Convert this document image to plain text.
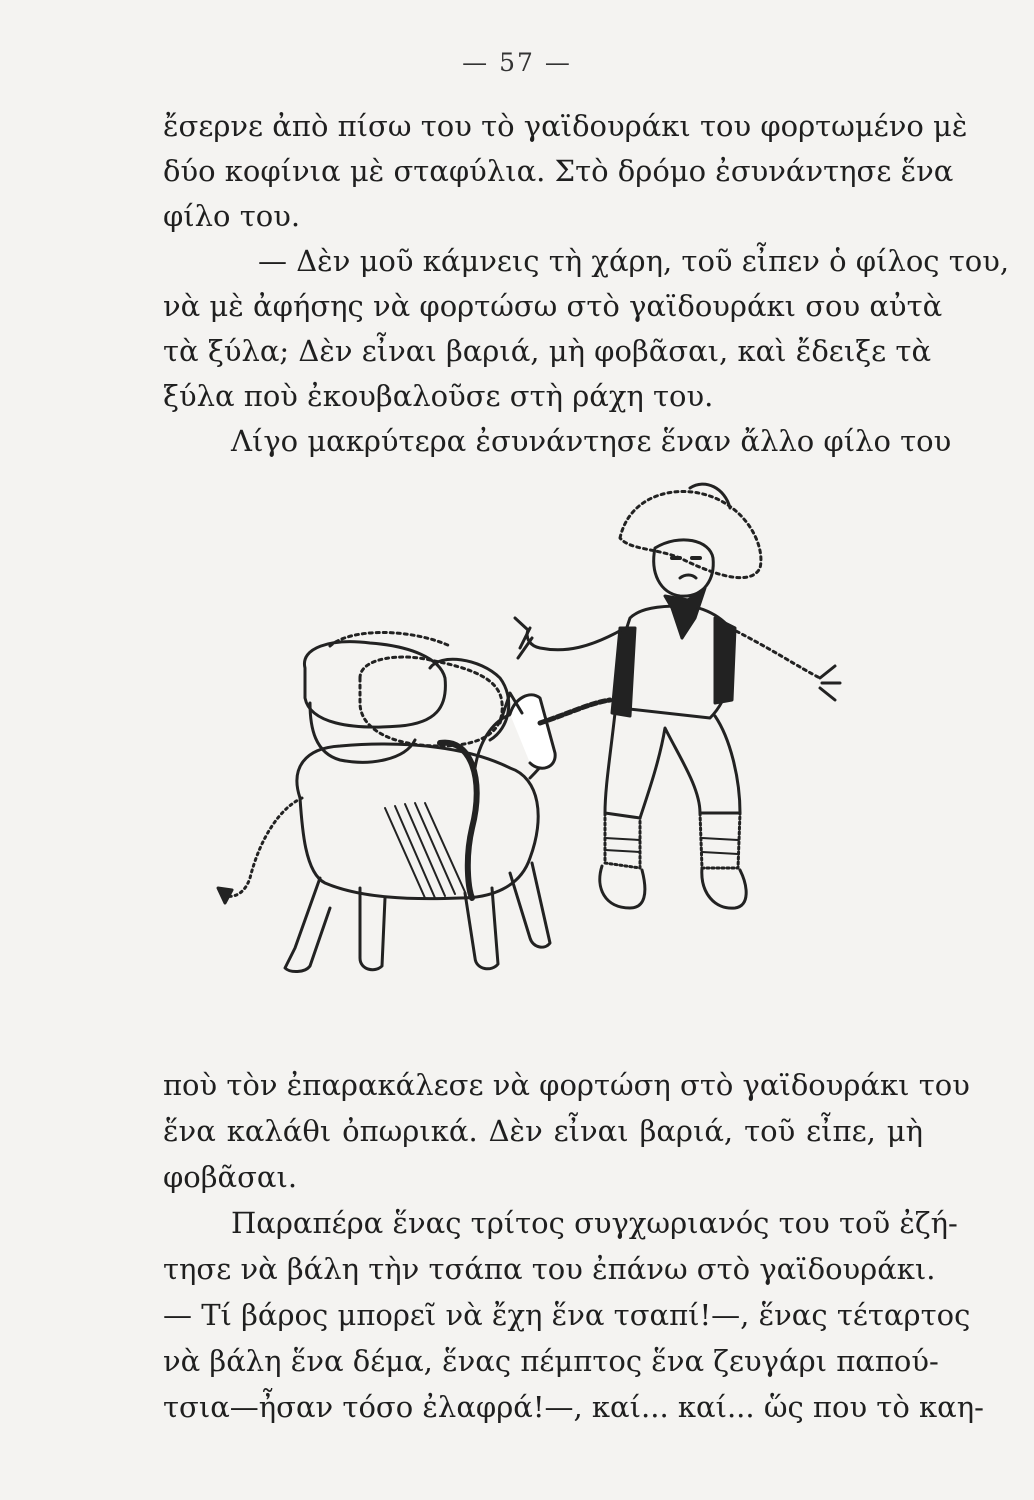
— 57 —
ἔσερνε ἀπὸ πίσω του τὸ γαϊδουράκι του φορτωμένο μὲ
δύο κοφίνια μὲ σταφύλια. Στὸ δρόμο ἐσυνάντησε ἕνα
φίλο του.
— Δὲν μοῦ κάμνεις τὴ χάρη, τοῦ εἶπεν ὁ φίλος του,
νὰ μὲ ἀφήσης νὰ φορτώσω στὸ γαϊδουράκι σου αὐτὰ
τὰ ξύλα; Δὲν εἶναι βαριά, μὴ φοβᾶσαι, καὶ ἔδειξε τὰ
ξύλα ποὺ ἐκουβαλοῦσε στὴ ράχη του.
Λίγο μακρύτερα ἐσυνάντησε ἕναν ἄλλο φίλο του
ποὺ τὸν ἐπαρακάλεσε νὰ φορτώση στὸ γαϊδουράκι του
ἕνα καλάθι ὀπωρικά. Δὲν εἶναι βαριά, τοῦ εἶπε, μὴ
φοβᾶσαι.
Παραπέρα ἕνας τρίτος συγχωριανός του τοῦ ἐζή-
τησε νὰ βάλη τὴν τσάπα του ἐπάνω στὸ γαϊδουράκι.
— Τί βάρος μπορεῖ νὰ ἔχη ἕνα τσαπί!—, ἕνας τέταρτος
νὰ βάλη ἕνα δέμα, ἕνας πέμπτος ἕνα ζευγάρι παπού-
τσια—ἦσαν τόσο ἐλαφρά!—, καί... καί... ὥς που τὸ καη-
